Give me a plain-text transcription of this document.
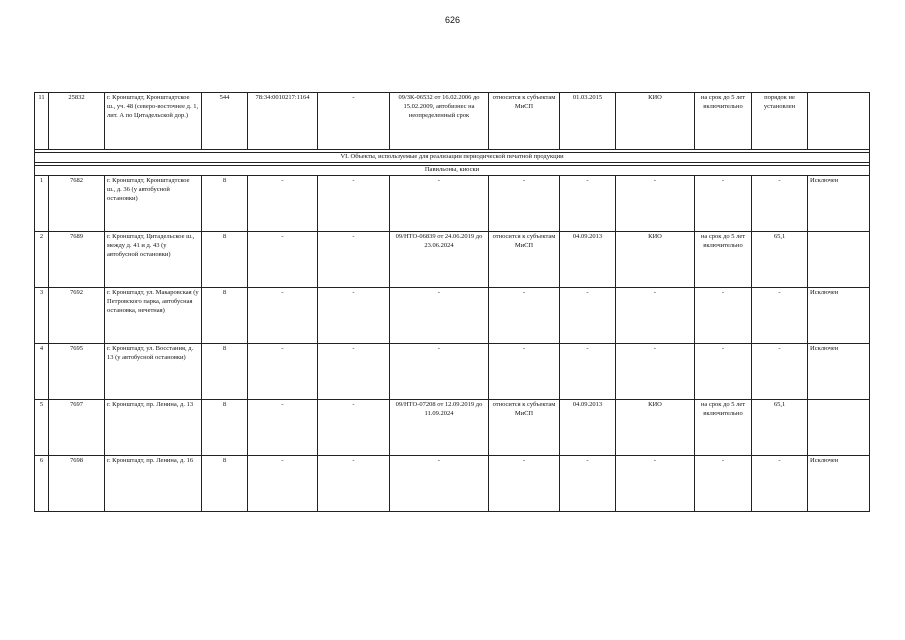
626
11	25832	г. Кронштадт, Кронштадтское ш., уч. 48 (северо-восточнее д. 1, лит. А по Цитадельской дор.)	544	78:34:0010217:1164	-	09/ЗК-06532 от 16.02.2006 до 15.02.2009, автобизнес на неопределенный срок	относится к субъектам МиСП	01.03.2015	КИО	на срок до 5 лет включительно	порядок не установлен	

VI. Объекты, используемые для реализации периодической печатной продукции												

Павильоны, киоски												
1	7682	г. Кронштадт, Кронштадтское ш., д. 36 (у автобусной остановки)	8	-	-	-	-	-	-	-	-	Исключен
2	7689	г. Кронштадт, Цитадельское ш., между д. 41 и д. 43 (у автобусной остановки)	8	-	-	09/НТО-06839 от 24.06.2019 до 23.06.2024	относится к субъектам МиСП	04.09.2013	КИО	на срок до 5 лет включительно	65,1	
3	7692	г. Кронштадт, ул. Макаровская (у Петровского парка, автобусная остановка, нечетная)	8	-	-	-	-	-	-	-	-	Исключен
4	7695	г. Кронштадт, ул. Восстания, д. 13 (у автобусной остановки)	8	-	-	-	-	-	-	-	-	Исключен
5	7697	г. Кронштадт, пр. Ленина, д. 13	8	-	-	09/НТО-07208 от 12.09.2019 до 11.09.2024	относится к субъектам МиСП	04.09.2013	КИО	на срок до 5 лет включительно	65,1	
6	7698	г. Кронштадт, пр. Ленина, д. 16	8	-	-	-	-	-	-	-	-	Исключен
